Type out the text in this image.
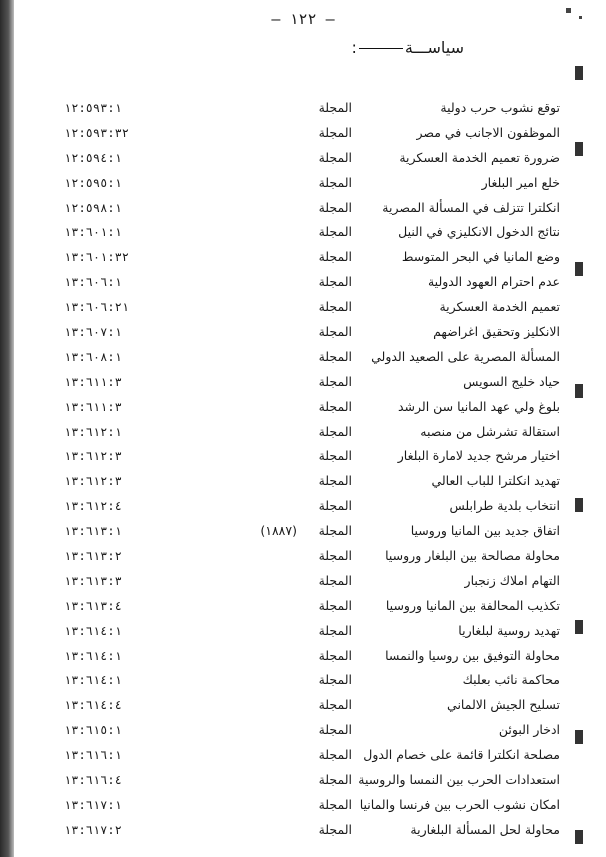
— ١٢٢ —
سياســـة:
توقع نشوب حرب دولية
المجلة
١٢:٥٩٣:١
الموظفون الاجانب في مصر
المجلة
١٢:٥٩٣:٣٢
ضرورة تعميم الخدمة العسكرية
المجلة
١٢:٥٩٤:١
خلع امير البلغار
المجلة
١٢:٥٩٥:١
انكلترا تتزلف في المسألة المصرية
المجلة
١٢:٥٩٨:١
نتائج الدخول الانكليزي في النيل
المجلة
١٣:٦٠١:١
وضع المانيا في البحر المتوسط
المجلة
١٣:٦٠١:٣٢
عدم احترام العهود الدولية
المجلة
١٣:٦٠٦:١
تعميم الخدمة العسكرية
المجلة
١٣:٦٠٦:٢١
الانكليز وتحقيق اغراضهم
المجلة
١٣:٦٠٧:١
المسألة المصرية على الصعيد الدولي
المجلة
١٣:٦٠٨:١
حياد خليج السويس
المجلة
١٣:٦١١:٣
بلوغ ولي عهد المانيا سن الرشد
المجلة
١٣:٦١١:٣
استقالة تشرشل من منصبه
المجلة
١٣:٦١٢:١
اختيار مرشح جديد لامارة البلغار
المجلة
١٣:٦١٢:٣
تهديد انكلترا للباب العالي
المجلة
١٣:٦١٢:٣
انتخاب بلدية طرابلس
المجلة
١٣:٦١٢:٤
اتفاق جديد بين المانيا وروسيا
المجلة
(١٨٨٧)
١٣:٦١٣:١
محاولة مصالحة بين البلغار وروسيا
المجلة
١٣:٦١٣:٢
التهام املاك زنجبار
المجلة
١٣:٦١٣:٣
تكذيب المحالفة بين المانيا وروسيا
المجلة
١٣:٦١٣:٤
تهديد روسية لبلغاريا
المجلة
١٣:٦١٤:١
محاولة التوفيق بين روسيا والنمسا
المجلة
١٣:٦١٤:١
محاكمة نائب بعلبك
المجلة
١٣:٦١٤:١
تسليح الجيش الالماني
المجلة
١٣:٦١٤:٤
ادخار البوئن
المجلة
١٣:٦١٥:١
مصلحة انكلترا قائمة على خصام الدول
المجلة
١٣:٦١٦:١
استعدادات الحرب بين النمسا والروسية
المجلة
١٣:٦١٦:٤
امكان نشوب الحرب بين فرنسا والمانيا
المجلة
١٣:٦١٧:١
محاولة لحل المسألة البلغارية
المجلة
١٣:٦١٧:٢
